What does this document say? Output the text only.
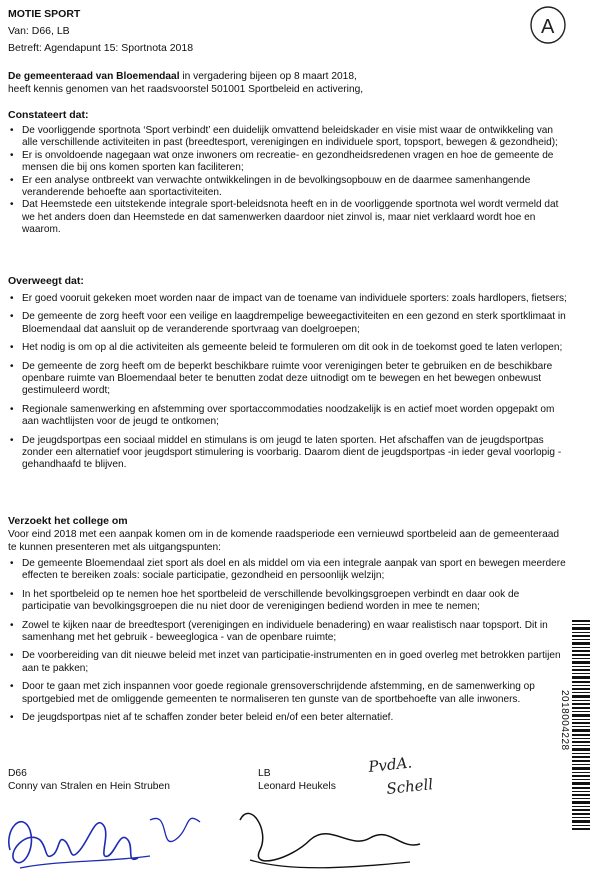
MOTIE SPORT
Van: D66, LB
Betreft: Agendapunt 15: Sportnota 2018
A
De gemeenteraad van Bloemendaal in vergadering bijeen op 8 maart 2018,
heeft kennis genomen van het raadsvoorstel 501001 Sportbeleid en activering,
Constateert dat:
• De voorliggende sportnota ‘Sport verbindt’ een duidelijk omvattend beleidskader en visie mist waar de ontwikkeling van alle verschillende activiteiten in past (breedtesport, verenigingen en individuele sport, topsport, bewegen & gezondheid);
• Er is onvoldoende nagegaan wat onze inwoners om recreatie- en gezondheidsredenen vragen en hoe de gemeente de mensen die bij ons komen sporten kan faciliteren;
• Er een analyse ontbreekt van verwachte ontwikkelingen in de bevolkingsopbouw en de daarmee samenhangende veranderende behoefte aan sportactiviteiten.
• Dat Heemstede een uitstekende integrale sport-beleidsnota heeft en in de voorliggende sportnota wel wordt vermeld dat we het anders doen dan Heemstede en dat samenwerken daardoor niet zinvol is, maar niet verklaard wordt hoe en waarom.
Overweegt dat:
• Er goed vooruit gekeken moet worden naar de impact van de toename van individuele sporters: zoals hardlopers, fietsers;
• De gemeente de zorg heeft voor een veilige en laagdrempelige beweegactiviteiten en een gezond en sterk sportklimaat in Bloemendaal dat aansluit op de veranderende sportvraag van doelgroepen;
• Het nodig is om op al die activiteiten als gemeente beleid te formuleren om dit ook in de toekomst goed te laten verlopen;
• De gemeente de zorg heeft om de beperkt beschikbare ruimte voor verenigingen beter te gebruiken en de beschikbare openbare ruimte van Bloemendaal beter te benutten zodat deze uitnodigt om te bewegen en het bewegen onbewust gestimuleerd wordt;
• Regionale samenwerking en afstemming over sportaccommodaties noodzakelijk is en actief moet worden opgepakt om aan wachtlijsten voor de jeugd te ontkomen;
• De jeugdsportpas een sociaal middel en stimulans is om jeugd te laten sporten. Het afschaffen van de jeugdsportpas zonder een alternatief voor jeugdsport stimulering is voorbarig. Daarom dient de jeugdsportpas -in ieder geval voorlopig - gehandhaafd te blijven.
Verzoekt het college om
Voor eind 2018 met een aanpak komen om in de komende raadsperiode een vernieuwd sportbeleid aan de gemeenteraad te kunnen presenteren met als uitgangspunten:
• De gemeente Bloemendaal ziet sport als doel en als middel om via een integrale aanpak van sport en bewegen meerdere effecten te bereiken zoals: sociale participatie, gezondheid en persoonlijk welzijn;
• In het sportbeleid op te nemen hoe het sportbeleid de verschillende bevolkingsgroepen verbindt en daar ook de participatie van bevolkingsgroepen die nu niet door de verenigingen bediend worden in mee te nemen;
• Zowel te kijken naar de breedtesport (verenigingen en individuele benadering) en waar realistisch naar topsport. Dit in samenhang met het gebruik - beweeglogica - van de openbare ruimte;
• De voorbereiding van dit nieuwe beleid met inzet van participatie-instrumenten en in goed overleg met betrokken partijen aan te pakken;
• Door te gaan met zich inspannen voor goede regionale grensoverschrijdende afstemming, en de samenwerking op sportgebied met de omliggende gemeenten te normaliseren ten gunste van de sportbehoefte van alle inwoners.
• De jeugdsportpas niet af te schaffen zonder beter beleid en/of een beter alternatief.
D66
Conny van Stralen en Hein Struben
LB
Leonard Heukels
PvdA.
Schell
2018004228
